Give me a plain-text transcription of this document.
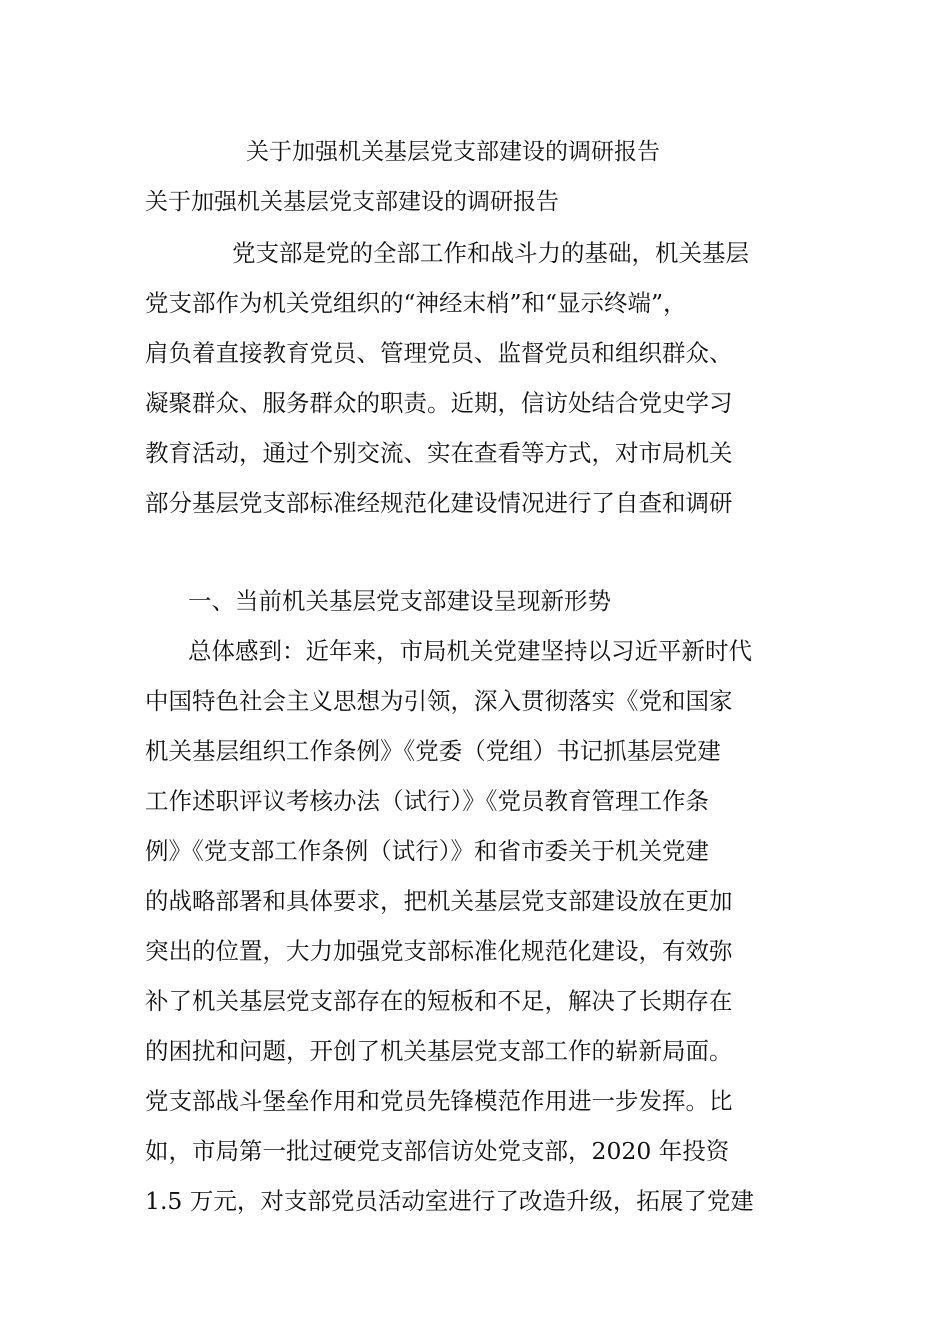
关于加强机关基层党支部建设的调研报告
关于加强机关基层党支部建设的调研报告

党支部是党的全部工作和战斗力的基础，机关基层

党支部作为机关党组织的“神经末梢”和“显示终端”，

肩负着直接教育党员、管理党员、监督党员和组织群众、

凝聚群众、服务群众的职责。近期，信访处结合党史学习

教育活动，通过个别交流、实在查看等方式，对市局机关

部分基层党支部标准经规范化建设情况进行了自查和调研

一、当前机关基层党支部建设呈现新形势

总体感到：近年来，市局机关党建坚持以习近平新时代

中国特色社会主义思想为引领，深入贯彻落实《党和国家

机关基层组织工作条例》《党委（党组）书记抓基层党建

工作述职评议考核办法（试行）》《党员教育管理工作条

例》《党支部工作条例（试行）》和省市委关于机关党建

的战略部署和具体要求，把机关基层党支部建设放在更加

突出的位置，大力加强党支部标准化规范化建设，有效弥

补了机关基层党支部存在的短板和不足，解决了长期存在

的困扰和问题，开创了机关基层党支部工作的崭新局面。

党支部战斗堡垒作用和党员先锋模范作用进一步发挥。比

如，市局第一批过硬党支部信访处党支部，2020 年投资

1.5 万元，对支部党员活动室进行了改造升级，拓展了党建
